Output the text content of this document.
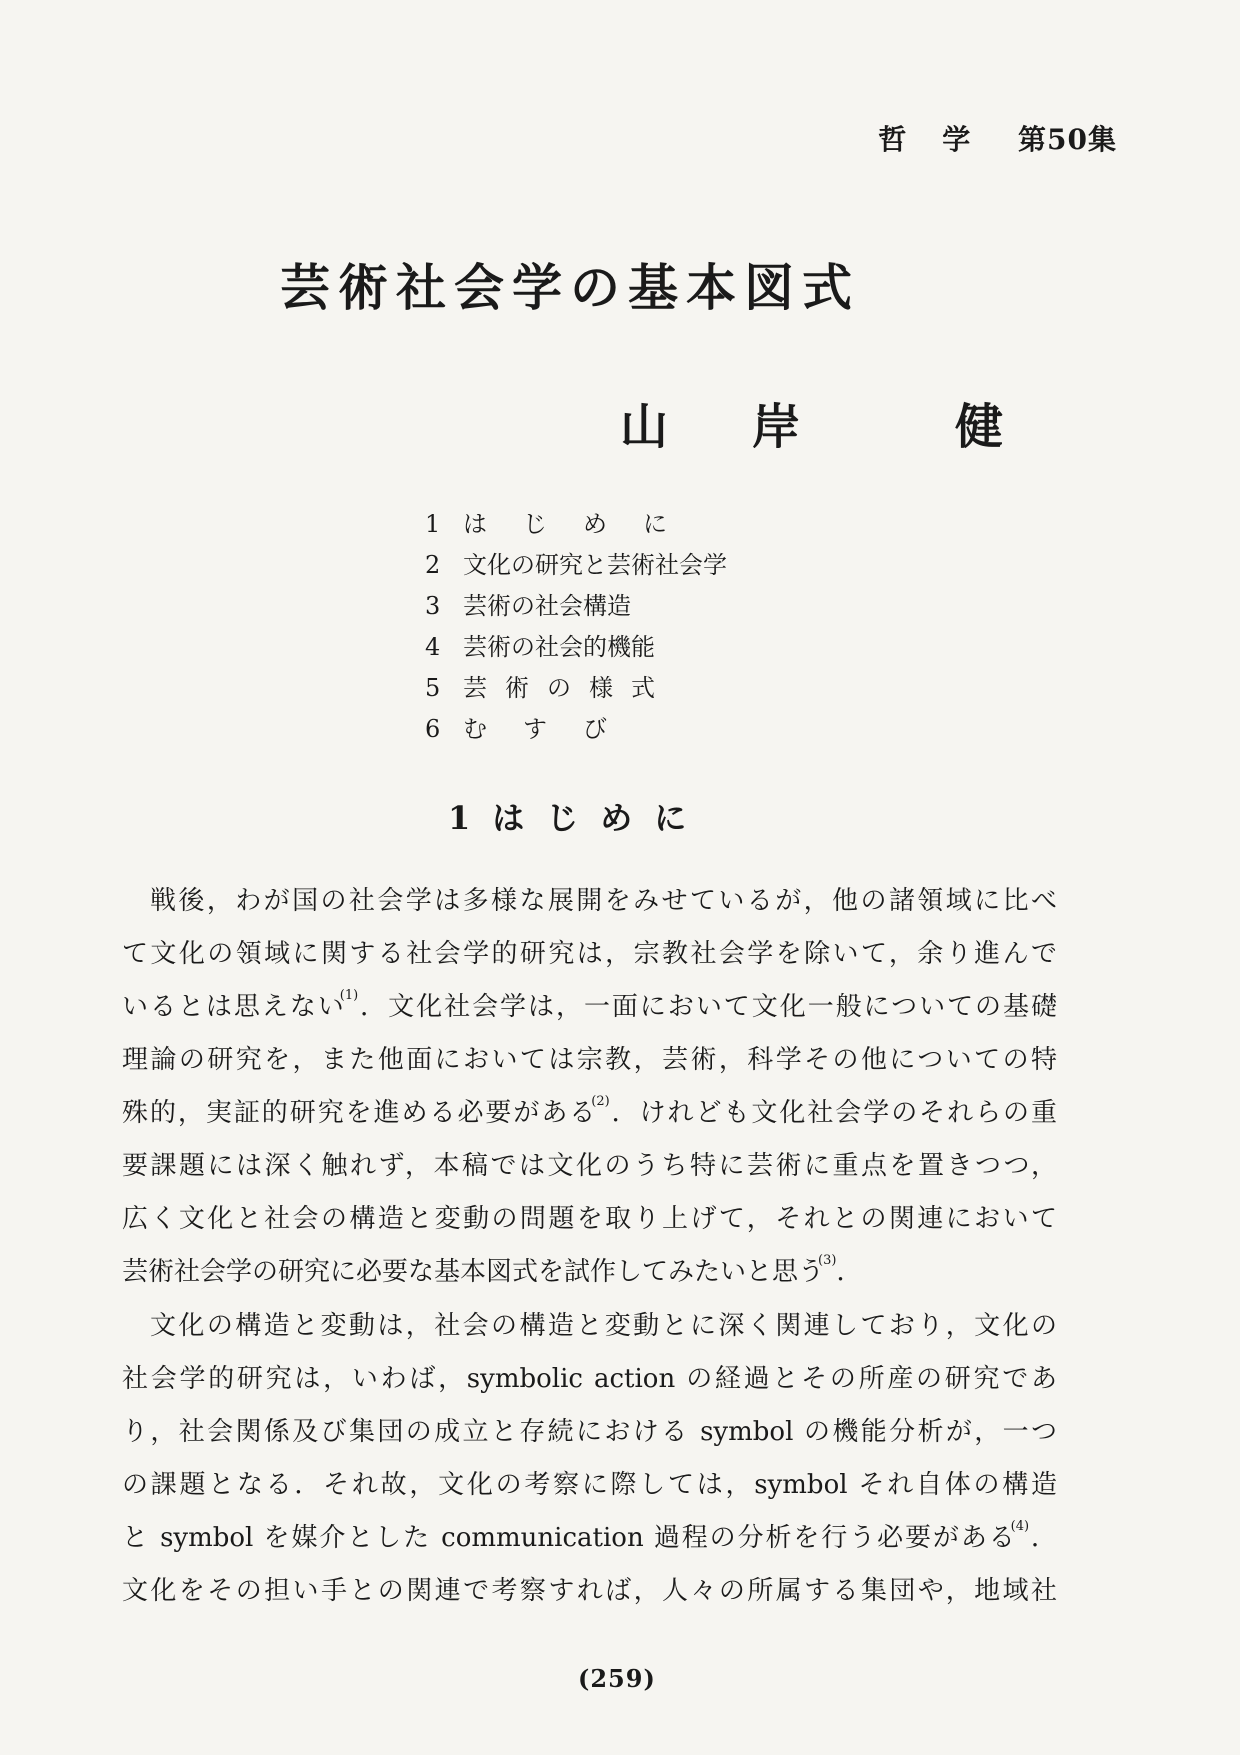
哲学 第50集
芸術社会学の基本図式
山 岸	健
1 はじめに
2 文化の研究と芸術社会学
3 芸術の社会構造
4 芸術の社会的機能
5 芸術の様式
6 むすび
1はじめに
戦後，わが国の社会学は多様な展開をみせているが，他の諸領域に比べ
て文化の領域に関する社会学的研究は，宗教社会学を除いて，余り進んで
いるとは思えない$^{(1)}$．文化社会学は，一面において文化一般についての基礎
理論の研究を，また他面においては宗教，芸術，科学その他についての特
殊的，実証的研究を進める必要がある$^{(2)}$．けれども文化社会学のそれらの重
要課題には深く触れず，本稿では文化のうち特に芸術に重点を置きつつ，
広く文化と社会の構造と変動の問題を取り上げて，それとの関連において
芸術社会学の研究に必要な基本図式を試作してみたいと思う$^{(3)}$．
文化の構造と変動は，社会の構造と変動とに深く関連しており，文化の
社会学的研究は，いわば，symbolic action の経過とその所産の研究であ
り，社会関係及び集団の成立と存続における symbol の機能分析が，一つ
の課題となる．それ故，文化の考察に際しては，symbol それ自体の構造
と symbol を媒介とした communication 過程の分析を行う必要がある$^{(4)}$．
文化をその担い手との関連で考察すれば，人々の所属する集団や，地域社
(259)
